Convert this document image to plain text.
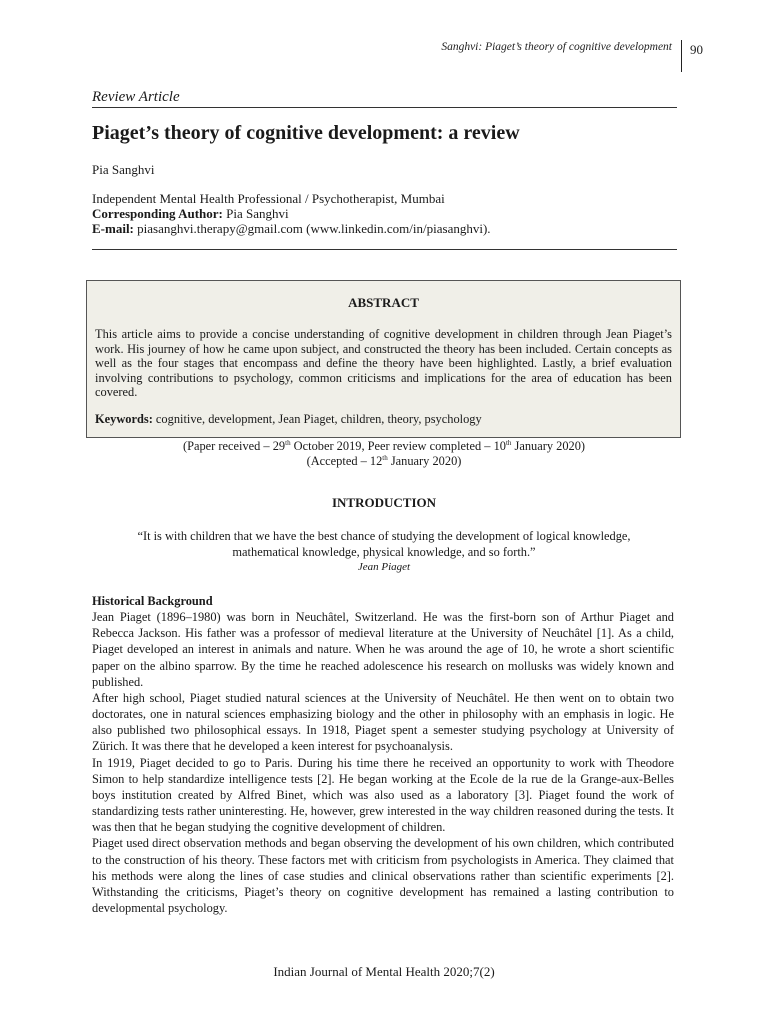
Sanghvi: Piaget’s theory of cognitive development 90
Review Article
Piaget’s theory of cognitive development: a review
Pia Sanghvi
Independent Mental Health Professional / Psychotherapist, Mumbai
Corresponding Author: Pia Sanghvi
E-mail: piasanghvi.therapy@gmail.com (www.linkedin.com/in/piasanghvi).
ABSTRACT

This article aims to provide a concise understanding of cognitive development in children through Jean Piaget’s work. His journey of how he came upon subject, and constructed the theory has been included. Certain concepts as well as the four stages that encompass and define the theory have been highlighted. Lastly, a brief evaluation involving contributions to psychology, common criticisms and implications for the area of education has been covered.

Keywords: cognitive, development, Jean Piaget, children, theory, psychology
(Paper received – 29th October 2019, Peer review completed – 10th January 2020)
(Accepted – 12th January 2020)
INTRODUCTION
“It is with children that we have the best chance of studying the development of logical knowledge,
mathematical knowledge, physical knowledge, and so forth.”
Jean Piaget
Historical Background

Jean Piaget (1896–1980) was born in Neuchâtel, Switzerland. He was the first-born son of Arthur Piaget and Rebecca Jackson. His father was a professor of medieval literature at the University of Neuchâtel [1]. As a child, Piaget developed an interest in animals and nature. When he was around the age of 10, he wrote a short scientific paper on the albino sparrow. By the time he reached adolescence his research on mollusks was widely known and published.

After high school, Piaget studied natural sciences at the University of Neuchâtel. He then went on to obtain two doctorates, one in natural sciences emphasizing biology and the other in philosophy with an emphasis in logic. He also published two philosophical essays. In 1918, Piaget spent a semester studying psychology at University of Zürich. It was there that he developed a keen interest for psychoanalysis.

In 1919, Piaget decided to go to Paris. During his time there he received an opportunity to work with Theodore Simon to help standardize intelligence tests [2]. He began working at the Ecole de la rue de la Grange-aux-Belles boys institution created by Alfred Binet, which was also used as a laboratory [3]. Piaget found the work of standardizing tests rather uninteresting. He, however, grew interested in the way children reasoned during the tests. It was then that he began studying the cognitive development of children.

Piaget used direct observation methods and began observing the development of his own children, which contributed to the construction of his theory. These factors met with criticism from psychologists in America. They claimed that his methods were along the lines of case studies and clinical observations rather than scientific experiments [2]. Withstanding the criticisms, Piaget’s theory on cognitive development has remained a lasting contribution to developmental psychology.

Indian Journal of Mental Health 2020;7(2)
